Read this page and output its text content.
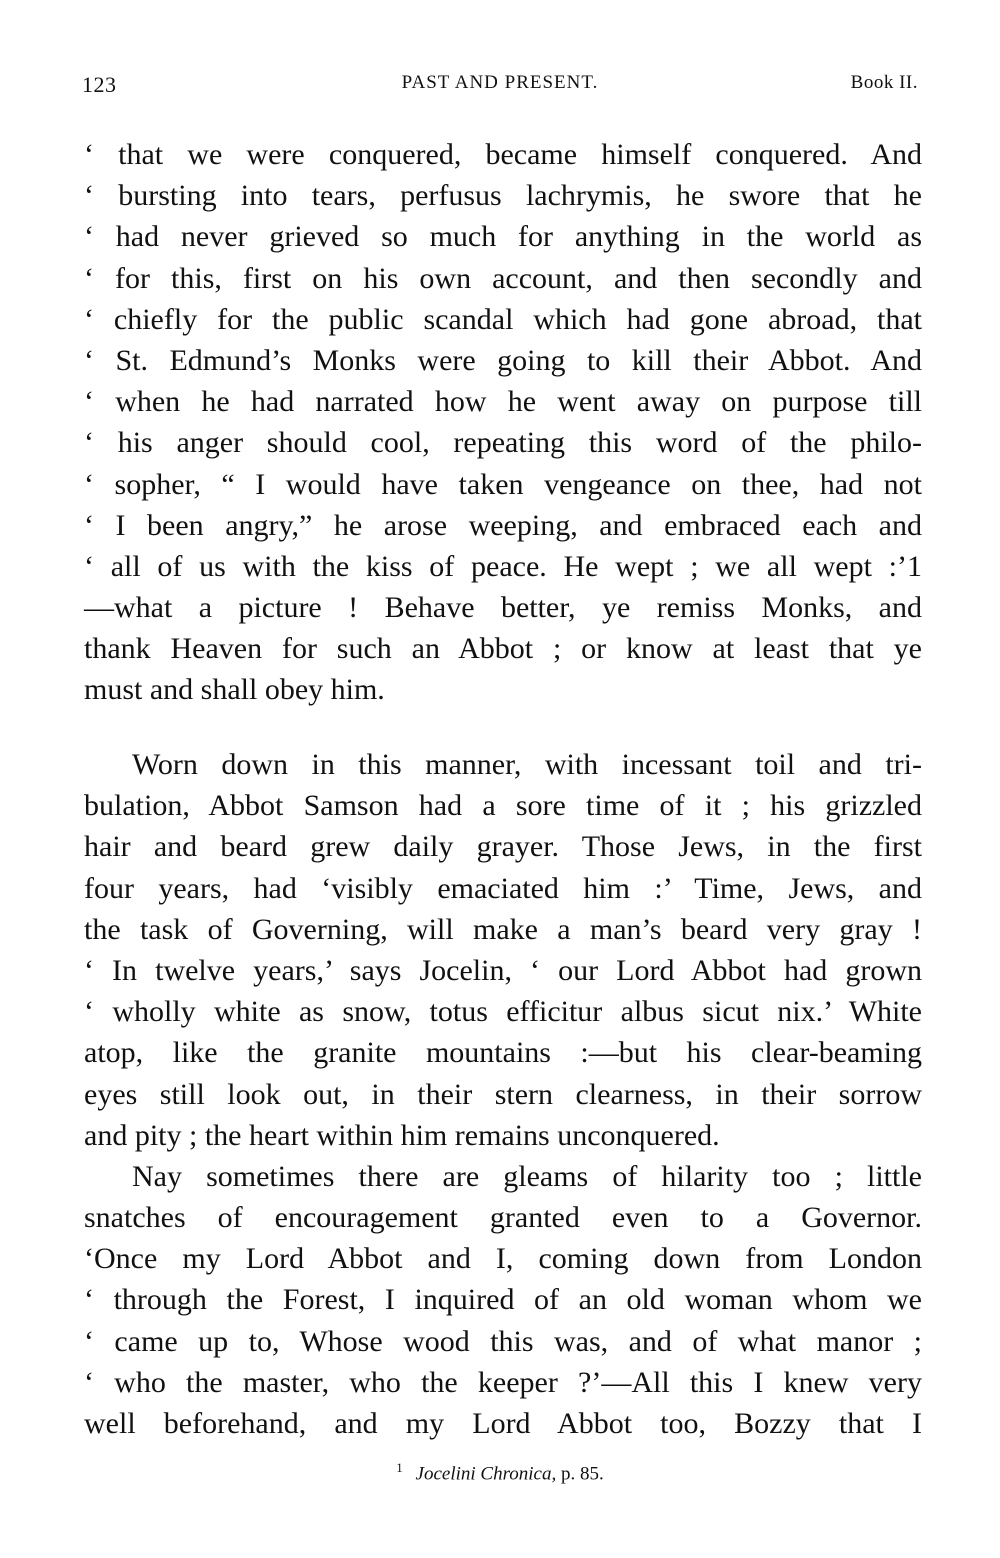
123	PAST AND PRESENT.	Book II.
‘ that we were conquered, became himself conquered. And
‘ bursting into tears, perfusus lachrymis, he swore that he
‘ had never grieved so much for anything in the world as
‘ for this, first on his own account, and then secondly and
‘ chiefly for the public scandal which had gone abroad, that
‘ St. Edmund’s Monks were going to kill their Abbot. And
‘ when he had narrated how he went away on purpose till
‘ his anger should cool, repeating this word of the philo-
‘ sopher, “ I would have taken vengeance on thee, had not
‘ I been angry,” he arose weeping, and embraced each and
‘ all of us with the kiss of peace. He wept ; we all wept :’1
—what a picture ! Behave better, ye remiss Monks, and
thank Heaven for such an Abbot ; or know at least that ye
must and shall obey him.
Worn down in this manner, with incessant toil and tri-
bulation, Abbot Samson had a sore time of it ; his grizzled
hair and beard grew daily grayer. Those Jews, in the first
four years, had ‘visibly emaciated him :’ Time, Jews, and
the task of Governing, will make a man’s beard very gray !
‘ In twelve years,’ says Jocelin, ‘ our Lord Abbot had grown
‘ wholly white as snow, totus efficitur albus sicut nix.’ White
atop, like the granite mountains :—but his clear-beaming
eyes still look out, in their stern clearness, in their sorrow
and pity ; the heart within him remains unconquered.
Nay sometimes there are gleams of hilarity too ; little
snatches of encouragement granted even to a Governor.
‘Once my Lord Abbot and I, coming down from London
‘ through the Forest, I inquired of an old woman whom we
‘ came up to, Whose wood this was, and of what manor ;
‘ who the master, who the keeper ?’—All this I knew very
well beforehand, and my Lord Abbot too, Bozzy that I
$^1$ Jocelini Chronica, p. 85.
